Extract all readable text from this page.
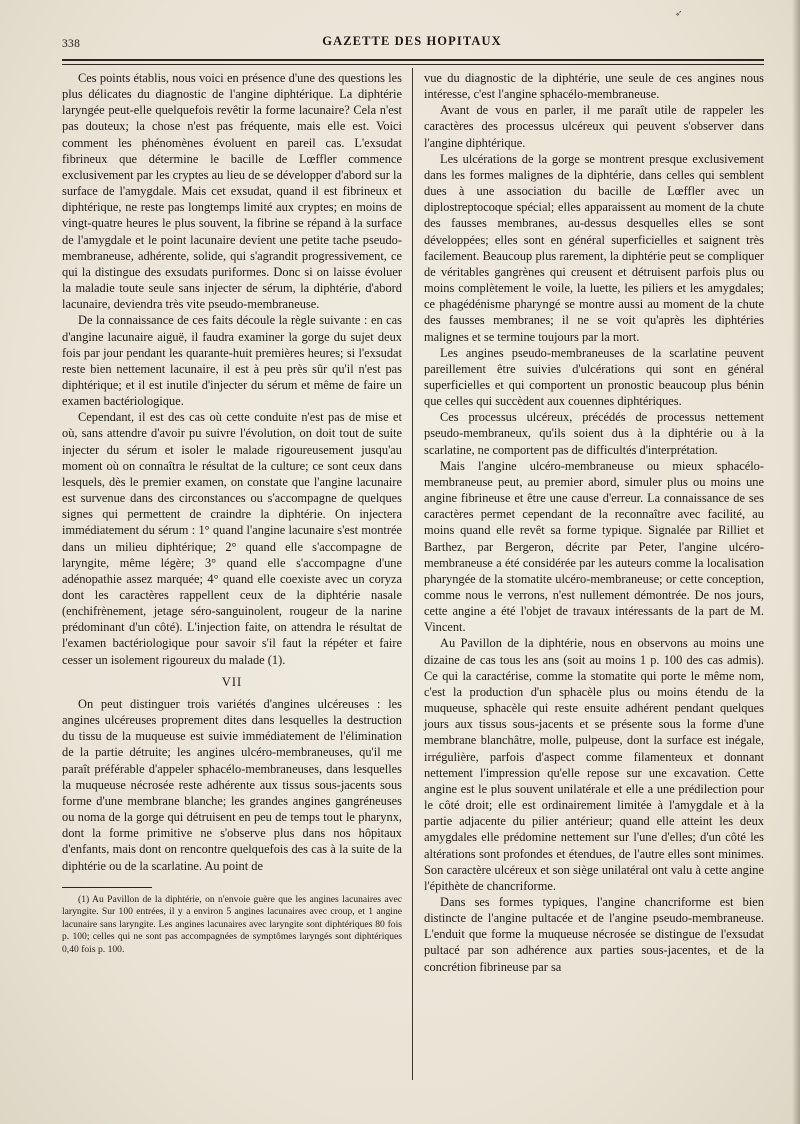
➶
338	GAZETTE DES HOPITAUX

Ces points établis, nous voici en présence d'une des questions les plus délicates du diagnostic de l'angine diphtérique. La diphtérie laryngée peut-elle quelquefois revêtir la forme lacunaire? Cela n'est pas douteux; la chose n'est pas fréquente, mais elle est. Voici comment les phénomènes évoluent en pareil cas. L'exsudat fibrineux que détermine le bacille de Lœffler commence exclusivement par les cryptes au lieu de se développer d'abord sur la surface de l'amygdale. Mais cet exsudat, quand il est fibrineux et diphtérique, ne reste pas longtemps limité aux cryptes; en moins de vingt-quatre heures le plus souvent, la fibrine se répand à la surface de l'amygdale et le point lacunaire devient une petite tache pseudo-membraneuse, adhérente, solide, qui s'agrandit progressivement, ce qui la distingue des exsudats puriformes. Donc si on laisse évoluer la maladie toute seule sans injecter de sérum, la diphtérie, d'abord lacunaire, deviendra très vite pseudo-membraneuse.

De la connaissance de ces faits découle la règle suivante : en cas d'angine lacunaire aiguë, il faudra examiner la gorge du sujet deux fois par jour pendant les quarante-huit premières heures; si l'exsudat reste bien nettement lacunaire, il est à peu près sûr qu'il n'est pas diphtérique; et il est inutile d'injecter du sérum et même de faire un examen bactériologique.

Cependant, il est des cas où cette conduite n'est pas de mise et où, sans attendre d'avoir pu suivre l'évolution, on doit tout de suite injecter du sérum et isoler le malade rigoureusement jusqu'au moment où on connaîtra le résultat de la culture; ce sont ceux dans lesquels, dès le premier examen, on constate que l'angine lacunaire est survenue dans des circonstances ou s'accompagne de quelques signes qui permettent de craindre la diphtérie. On injectera immédiatement du sérum : 1° quand l'angine lacunaire s'est montrée dans un milieu diphtérique; 2° quand elle s'accompagne de laryngite, même légère; 3° quand elle s'accompagne d'une adénopathie assez marquée; 4° quand elle coexiste avec un coryza dont les caractères rappellent ceux de la diphtérie nasale (enchifrènement, jetage séro-sanguinolent, rougeur de la narine prédominant d'un côté). L'injection faite, on attendra le résultat de l'examen bactériologique pour savoir s'il faut la répéter et faire cesser un isolement rigoureux du malade (1).

VII

On peut distinguer trois variétés d'angines ulcéreuses : les angines ulcéreuses proprement dites dans lesquelles la destruction du tissu de la muqueuse est suivie immédiatement de l'élimination de la partie détruite; les angines ulcéro-membraneuses, qu'il me paraît préférable d'appeler sphacélo-membraneuses, dans lesquelles la muqueuse nécrosée reste adhérente aux tissus sous-jacents sous forme d'une membrane blanche; les grandes angines gangréneuses ou noma de la gorge qui détruisent en peu de temps tout le pharynx, dont la forme primitive ne s'observe plus dans nos hôpitaux d'enfants, mais dont on rencontre quelquefois des cas à la suite de la diphtérie ou de la scarlatine. Au point de

(1) Au Pavillon de la diphtérie, on n'envoie guère que les angines lacunaires avec laryngite. Sur 100 entrées, il y a environ 5 angines lacunaires avec croup, et 1 angine lacunaire sans laryngite. Les angines lacunaires avec laryngite sont diphtériques 80 fois p. 100; celles qui ne sont pas accompagnées de symptômes laryngés sont diphtériques 0,40 fois p. 100.

vue du diagnostic de la diphtérie, une seule de ces angines nous intéresse, c'est l'angine sphacélo-membraneuse.

Avant de vous en parler, il me paraît utile de rappeler les caractères des processus ulcéreux qui peuvent s'observer dans l'angine diphtérique.

Les ulcérations de la gorge se montrent presque exclusivement dans les formes malignes de la diphtérie, dans celles qui semblent dues à une association du bacille de Lœffler avec un diplostreptocoque spécial; elles apparaissent au moment de la chute des fausses membranes, au-dessus desquelles elles se sont développées; elles sont en général superficielles et saignent très facilement. Beaucoup plus rarement, la diphtérie peut se compliquer de véritables gangrènes qui creusent et détruisent parfois plus ou moins complètement le voile, la luette, les piliers et les amygdales; ce phagédénisme pharyngé se montre aussi au moment de la chute des fausses membranes; il ne se voit qu'après les diphtéries malignes et se termine toujours par la mort.

Les angines pseudo-membraneuses de la scarlatine peuvent pareillement être suivies d'ulcérations qui sont en général superficielles et qui comportent un pronostic beaucoup plus bénin que celles qui succèdent aux couennes diphtériques.

Ces processus ulcéreux, précédés de processus nettement pseudo-membraneux, qu'ils soient dus à la diphtérie ou à la scarlatine, ne comportent pas de difficultés d'interprétation.

Mais l'angine ulcéro-membraneuse ou mieux sphacélo-membraneuse peut, au premier abord, simuler plus ou moins une angine fibrineuse et être une cause d'erreur. La connaissance de ses caractères permet cependant de la reconnaître avec facilité, au moins quand elle revêt sa forme typique. Signalée par Rilliet et Barthez, par Bergeron, décrite par Peter, l'angine ulcéro-membraneuse a été considérée par les auteurs comme la localisation pharyngée de la stomatite ulcéro-membraneuse; or cette conception, comme nous le verrons, n'est nullement démontrée. De nos jours, cette angine a été l'objet de travaux intéressants de la part de M. Vincent.

Au Pavillon de la diphtérie, nous en observons au moins une dizaine de cas tous les ans (soit au moins 1 p. 100 des cas admis). Ce qui la caractérise, comme la stomatite qui porte le même nom, c'est la production d'un sphacèle plus ou moins étendu de la muqueuse, sphacèle qui reste ensuite adhérent pendant quelques jours aux tissus sous-jacents et se présente sous la forme d'une membrane blanchâtre, molle, pulpeuse, dont la surface est inégale, irrégulière, parfois d'aspect comme filamenteux et donnant nettement l'impression qu'elle repose sur une excavation. Cette angine est le plus souvent unilatérale et elle a une prédilection pour le côté droit; elle est ordinairement limitée à l'amygdale et à la partie adjacente du pilier antérieur; quand elle atteint les deux amygdales elle prédomine nettement sur l'une d'elles; d'un côté les altérations sont profondes et étendues, de l'autre elles sont minimes. Son caractère ulcéreux et son siège unilatéral ont valu à cette angine l'épithète de chancriforme.

Dans ses formes typiques, l'angine chancriforme est bien distincte de l'angine pultacée et de l'angine pseudo-membraneuse. L'enduit que forme la muqueuse nécrosée se distingue de l'exsudat pultacé par son adhérence aux parties sous-jacentes, et de la concrétion fibrineuse par sa
